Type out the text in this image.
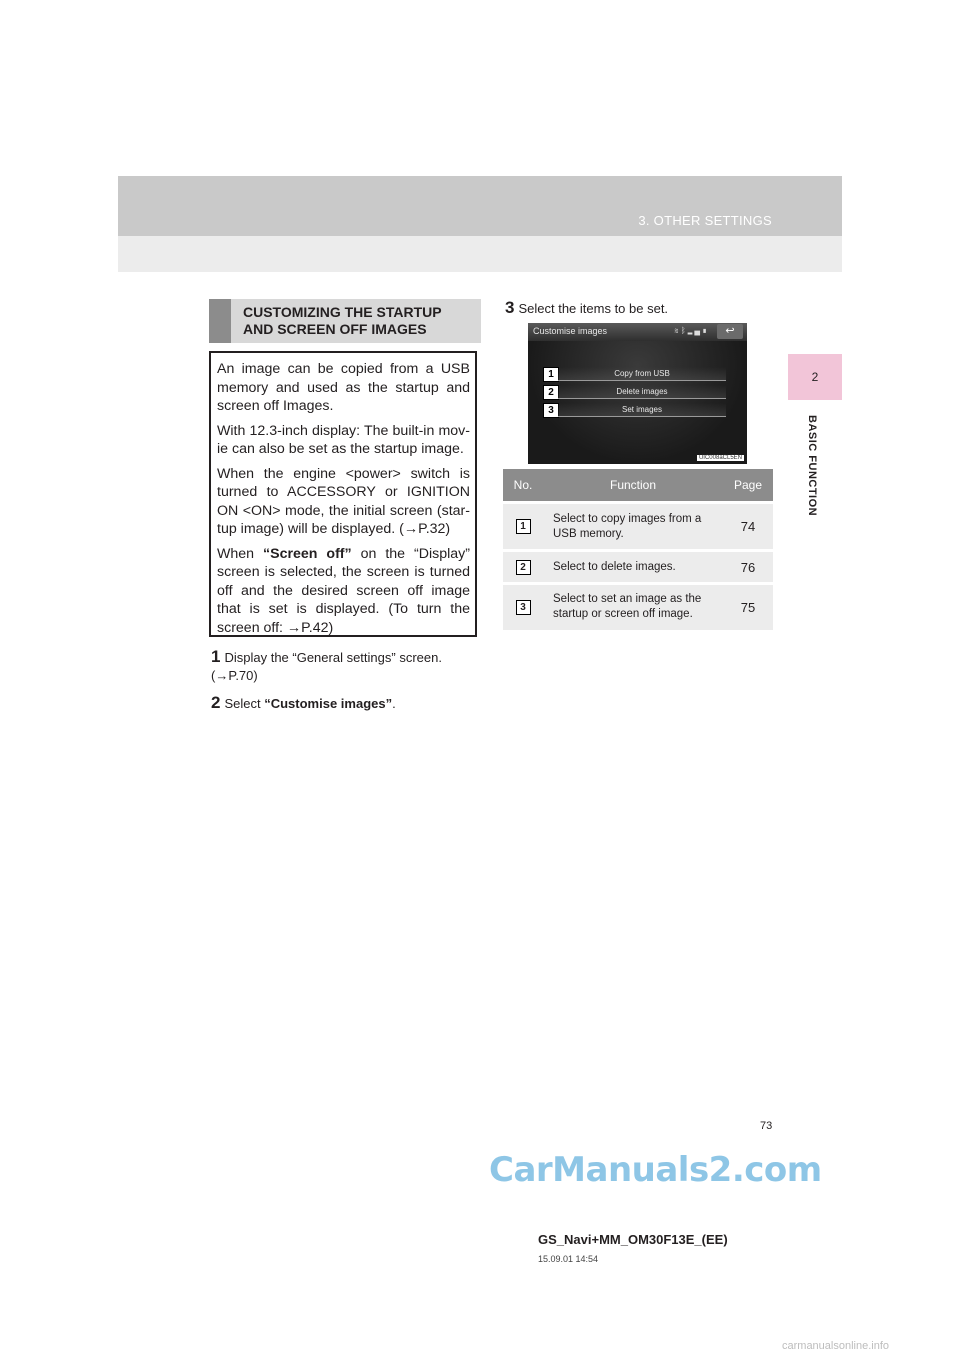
3. OTHER SETTINGS
2
BASIC FUNCTION
CUSTOMIZING THE STARTUP
AND SCREEN OFF IMAGES

An image can be copied from a USB memory and used as the startup and screen off Images.

With 12.3-inch display: The built-in mov-ie can also be set as the startup image.

When the engine <power> switch is turned to ACCESSORY or IGNITION ON <ON> mode, the initial screen (star-tup image) will be displayed. (→P.32)

When “Screen off” on the “Display” screen is selected, the screen is turned off and the desired screen off image that is set is displayed. (To turn the screen off: →P.42)

1 Display the “General settings” screen. (→P.70)
2 Select “Customise images”.
3 Select the items to be set.
Customise images	≋ᛒ▂▄▮	↩
1	Copy from USB
2	Delete images
3	Set images
UIC008aCL5EN
No.	Function	Page
1	Select to copy images from a USB memory.	74
2	Select to delete images.	76
3	Select to set an image as the startup or screen off image.	75
73
CarManuals2.com
GS_Navi+MM_OM30F13E_(EE)
15.09.01 14:54
carmanualsonline.info
